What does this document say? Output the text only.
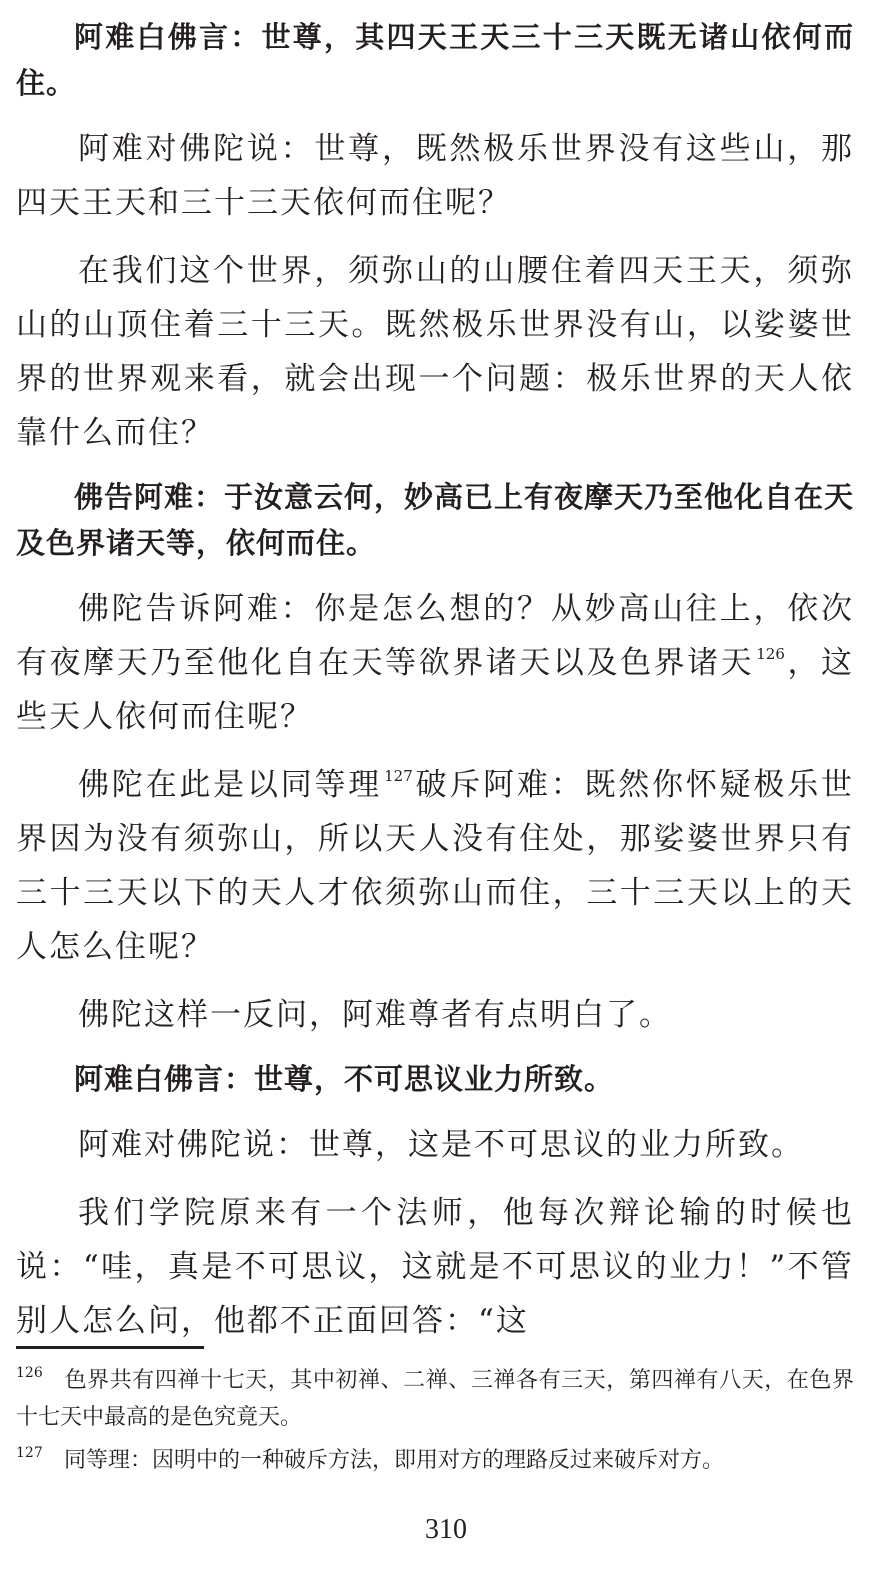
阿难白佛言：世尊，其四天王天三十三天既无诸山依何而住。

阿难对佛陀说：世尊，既然极乐世界没有这些山，那四天王天和三十三天依何而住呢？

在我们这个世界，须弥山的山腰住着四天王天，须弥山的山顶住着三十三天。既然极乐世界没有山，以娑婆世界的世界观来看，就会出现一个问题：极乐世界的天人依靠什么而住？

佛告阿难：于汝意云何，妙高已上有夜摩天乃至他化自在天及色界诸天等，依何而住。

佛陀告诉阿难：你是怎么想的？从妙高山往上，依次有夜摩天乃至他化自在天等欲界诸天以及色界诸天 $^{126}$，这些天人依何而住呢？

佛陀在此是以同等理 $^{127}$破斥阿难：既然你怀疑极乐世界因为没有须弥山，所以天人没有住处，那娑婆世界只有三十三天以下的天人才依须弥山而住，三十三天以上的天人怎么住呢？

佛陀这样一反问，阿难尊者有点明白了。

阿难白佛言：世尊，不可思议业力所致。

阿难对佛陀说：世尊，这是不可思议的业力所致。

我们学院原来有一个法师，他每次辩论输的时候也说：“哇，真是不可思议，这就是不可思议的业力！”不管别人怎么问，他都不正面回答：“这

126 色界共有四禅十七天，其中初禅、二禅、三禅各有三天，第四禅有八天，在色界十七天中最高的是色究竟天。

127 同等理：因明中的一种破斥方法，即用对方的理路反过来破斥对方。

310
